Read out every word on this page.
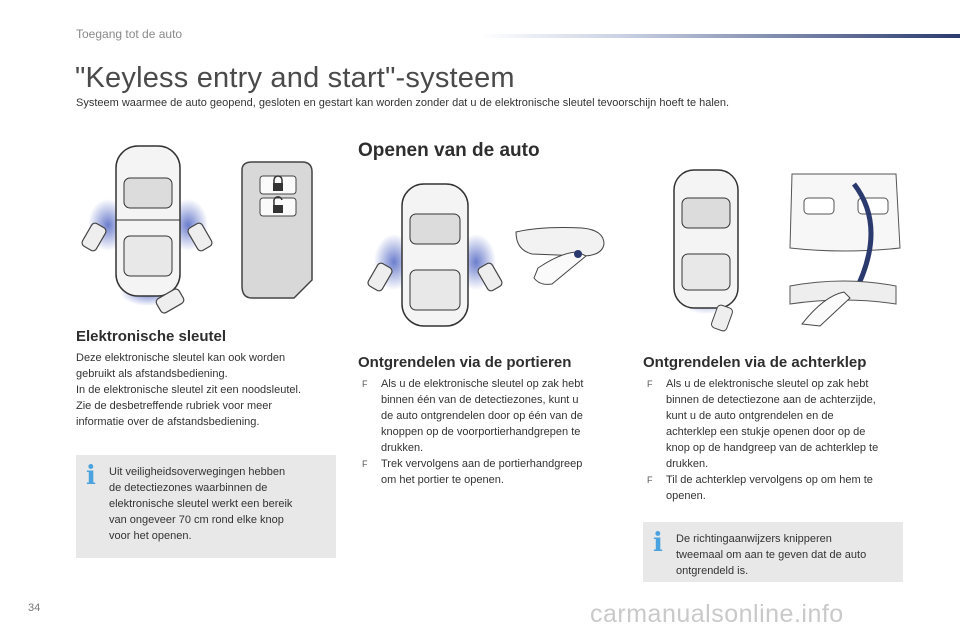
Toegang tot de auto
"Keyless entry and start"-systeem
Systeem waarmee de auto geopend, gesloten en gestart kan worden zonder dat u de elektronische sleutel tevoorschijn hoeft te halen.
Openen van de auto
Elektronische sleutel

Deze elektronische sleutel kan ook worden

gebruikt als afstandsbediening.

In de elektronische sleutel zit een noodsleutel.

Zie de desbetreffende rubriek voor meer

informatie over de afstandsbediening.

i Uit veiligheidsoverwegingen hebben
de detectiezones waarbinnen de
elektronische sleutel werkt een bereik
van ongeveer 70 cm rond elke knop
voor het openen.
Ontgrendelen via de portieren
F Als u de elektronische sleutel op zak hebt
binnen één van de detectiezones, kunt u
de auto ontgrendelen door op één van de
knoppen op de voorportierhandgrepen te
drukken.
F Trek vervolgens aan de portierhandgreep
om het portier te openen.
Ontgrendelen via de achterklep
F Als u de elektronische sleutel op zak hebt
binnen de detectiezone aan de achterzijde,
kunt u de auto ontgrendelen en de
achterklep een stukje openen door op de
knop op de handgreep van de achterklep te
drukken.
F Til de achterklep vervolgens op om hem te
openen.
i De richtingaanwijzers knipperen
tweemaal om aan te geven dat de auto
ontgrendeld is.
34	carmanualsonline.info
